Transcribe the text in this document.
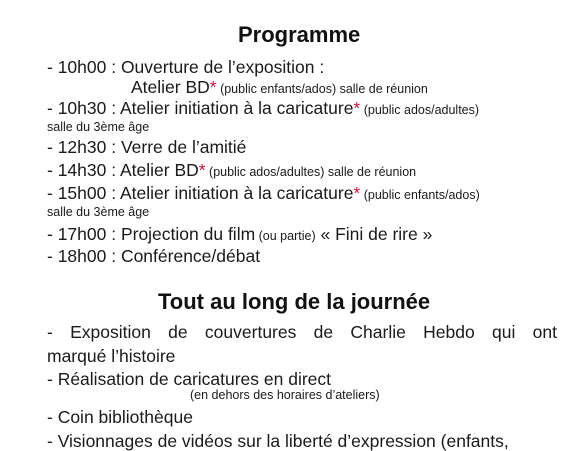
Programme
- 10h00 : Ouverture de l’exposition :
Atelier BD* (public enfants/ados) salle de réunion
- 10h30 : Atelier initiation à la caricature* (public ados/adultes)
salle du 3ème âge
- 12h30 : Verre de l’amitié
- 14h30 : Atelier BD* (public ados/adultes) salle de réunion
- 15h00 : Atelier initiation à la caricature* (public enfants/ados)
salle du 3ème âge
- 17h00 : Projection du film (ou partie) « Fini de rire »
- 18h00 : Conférence/débat
Tout au long de la journée
- Exposition de couvertures de Charlie Hebdo qui ont
marqué l’histoire
- Réalisation de caricatures en direct
(en dehors des horaires d’ateliers)
- Coin bibliothèque
- Visionnages de vidéos sur la liberté d’expression (enfants,
